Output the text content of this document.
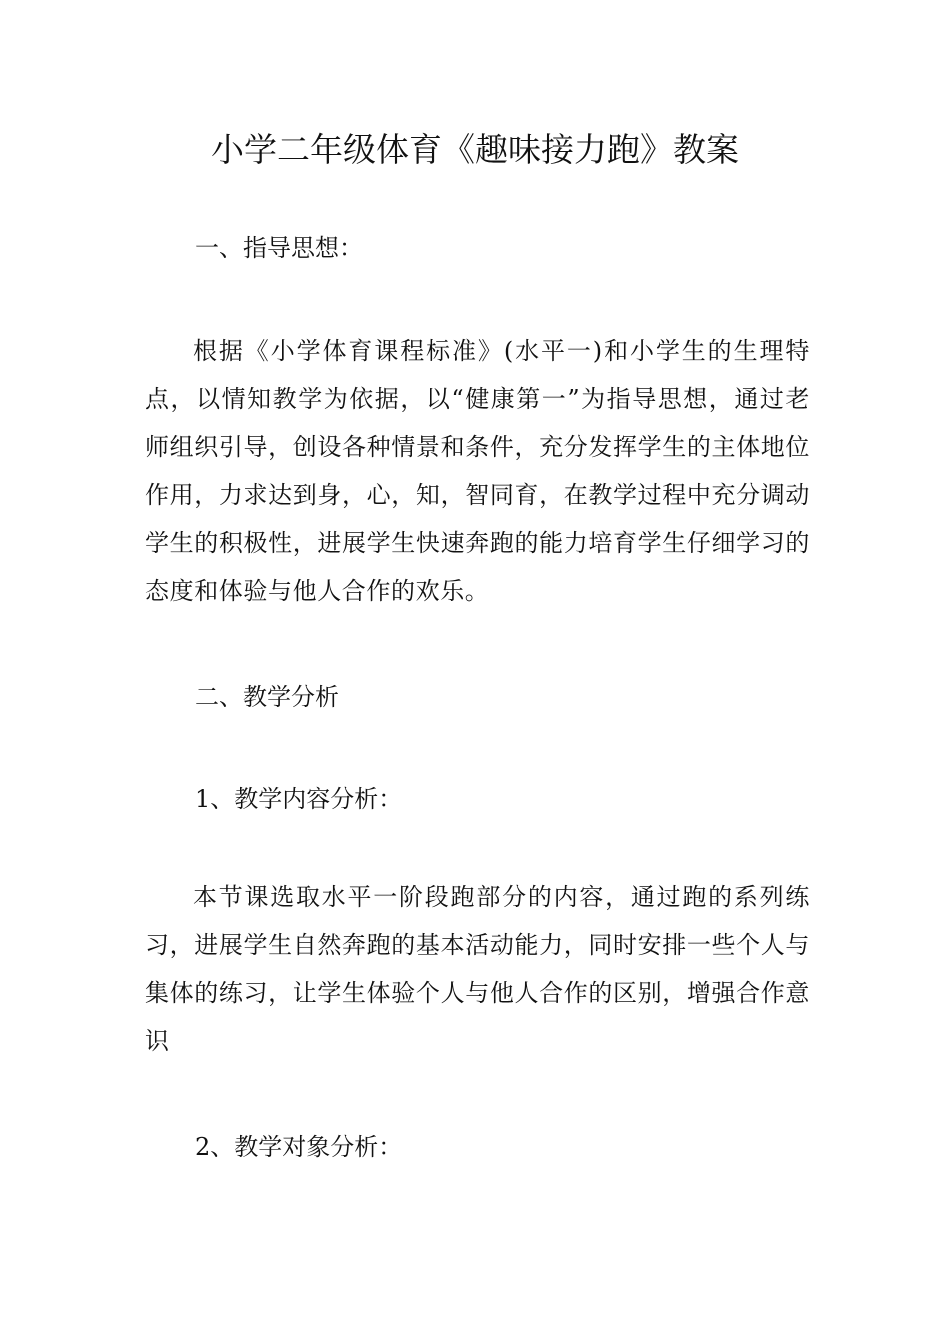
小学二年级体育《趣味接力跑》教案
一、指导思想：

根据《小学体育课程标准》(水平一)和小学生的生理特点，以情知教学为依据，以“健康第一”为指导思想，通过老师组织引导，创设各种情景和条件，充分发挥学生的主体地位作用，力求达到身，心，知，智同育，在教学过程中充分调动学生的积极性，进展学生快速奔跑的能力培育学生仔细学习的态度和体验与他人合作的欢乐。

二、教学分析
1、教学内容分析：

本节课选取水平一阶段跑部分的内容，通过跑的系列练习，进展学生自然奔跑的基本活动能力，同时安排一些个人与集体的练习，让学生体验个人与他人合作的区别，增强合作意识

2、教学对象分析：
